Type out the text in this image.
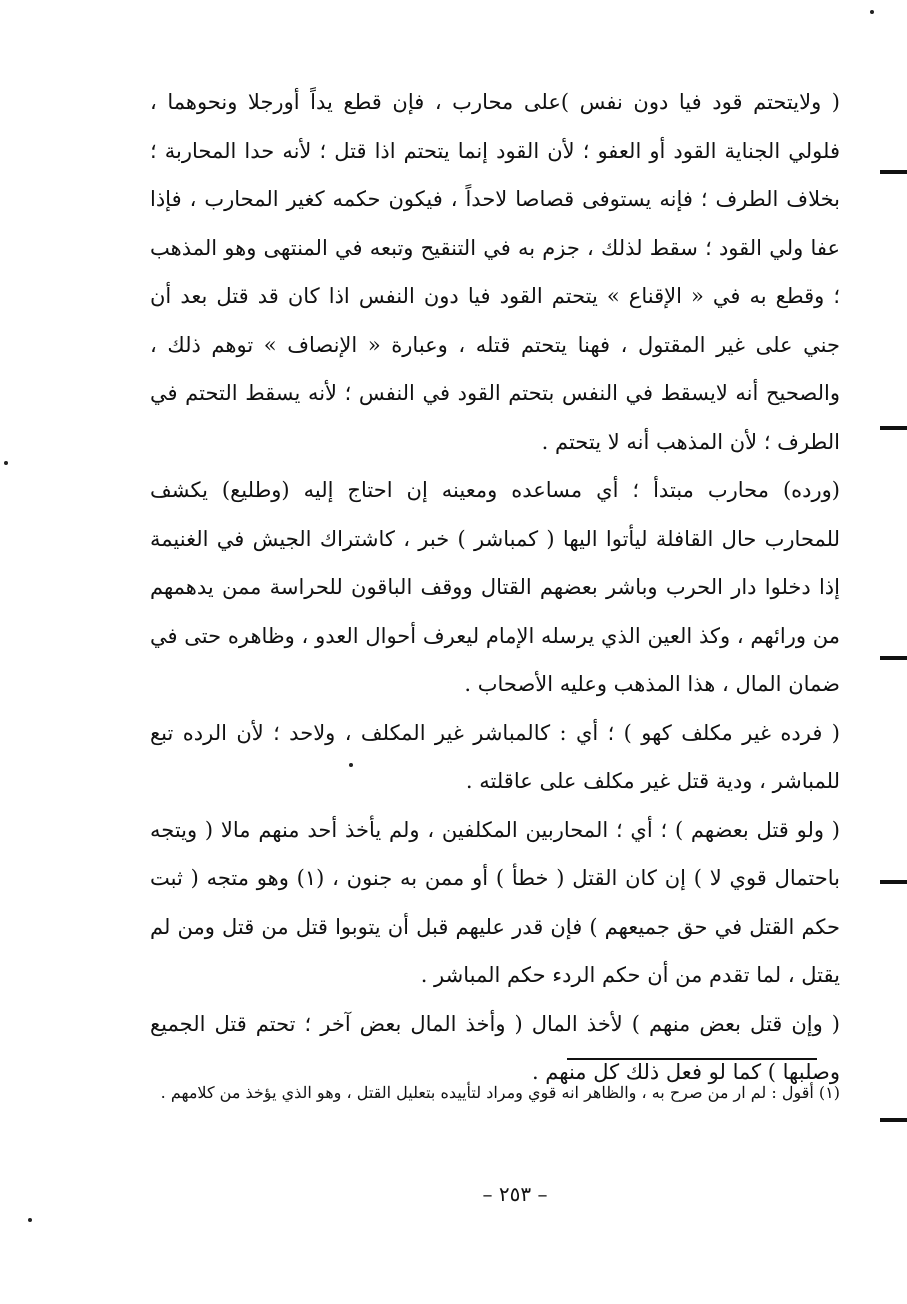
( ولايتحتم قود فيا دون نفس )على محارب ، فإن قطع يداً أورجلا ونحوهما ، فلولي الجناية القود أو العفو ؛ لأن القود إنما يتحتم اذا قتل ؛ لأنه حدا المحاربة ؛ بخلاف الطرف ؛ فإنه يستوفى قصاصا لاحداً ، فيكون حكمه كغير المحارب ، فإذا عفا ولي القود ؛ سقط لذلك ، جزم به في التنقيح وتبعه في المنتهى وهو المذهب ؛ وقطع به في « الإقناع » يتحتم القود فيا دون النفس اذا كان قد قتل بعد أن جني على غير المقتول ، فهنا يتحتم قتله ، وعبارة « الإنصاف » توهم ذلك ، والصحيح أنه لايسقط في النفس بتحتم القود في النفس ؛ لأنه يسقط التحتم في الطرف ؛ لأن المذهب أنه لا يتحتم .

(ورده) محارب مبتدأ ؛ أي مساعده ومعينه إن احتاج إليه (وطليع) يكشف للمحارب حال القافلة ليأتوا اليها ( كمباشر ) خبر ، كاشتراك الجيش في الغنيمة إذا دخلوا دار الحرب وباشر بعضهم القتال ووقف الباقون للحراسة ممن يدهمهم من ورائهم ، وكذ العين الذي يرسله الإمام ليعرف أحوال العدو ، وظاهره حتى في ضمان المال ، هذا المذهب وعليه الأصحاب .

( فرده غير مكلف كهو ) ؛ أي : كالمباشر غير المكلف ، ولاحد ؛ لأن الرده تبع للمباشر ، ودية قتل غير مكلف على عاقلته .

( ولو قتل بعضهم ) ؛ أي ؛ المحاربين المكلفين ، ولم يأخذ أحد منهم مالا ( ويتجه باحتمال قوي لا ) إن كان القتل ( خطأ ) أو ممن به جنون ، (١) وهو متجه ( ثبت حكم القتل في حق جميعهم ) فإن قدر عليهم قبل أن يتوبوا قتل من قتل ومن لم يقتل ، لما تقدم من أن حكم الردء حكم المباشر .

( وإن قتل بعض منهم ) لأخذ المال ( وأخذ المال بعض آخر ؛ تحتم قتل الجميع وصلبها ) كما لو فعل ذلك كل منهم .

(١) أقول : لم ار من صرح به ، والظاهر انه قوي ومراد لتأييده بتعليل القتل ، وهو الذي يؤخذ من كلامهم .

– ٢٥٣ –
